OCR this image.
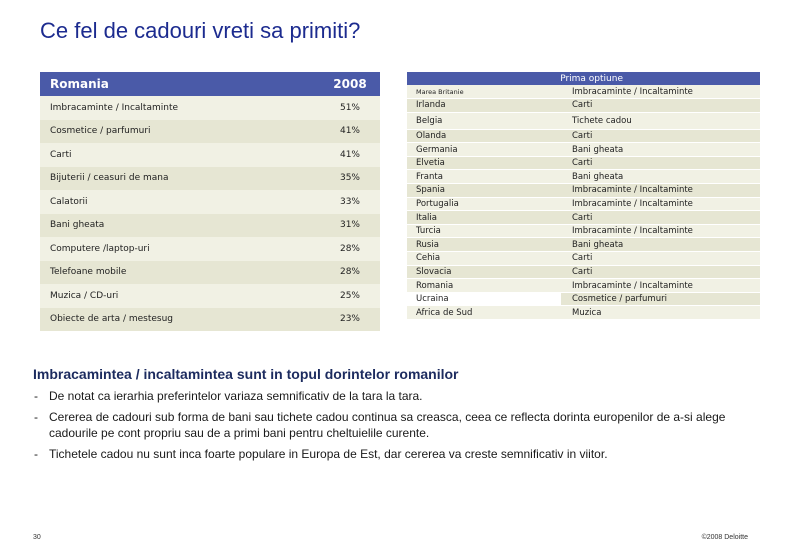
Ce fel de cadouri vreti sa primiti?
Romania	2008
Imbracaminte / Incaltaminte	51%
Cosmetice / parfumuri	41%
Carti	41%
Bijuterii / ceasuri de mana	35%
Calatorii	33%
Bani gheata	31%
Computere /laptop-uri	28%
Telefoane mobile	28%
Muzica / CD-uri	25%
Obiecte de arta / mestesug	23%
Prima optiune	
Marea Britanie	Imbracaminte / Incaltaminte
Irlanda	Carti
Belgia	Tichete cadou
Olanda	Carti
Germania	Bani gheata
Elvetia	Carti
Franta	Bani gheata
Spania	Imbracaminte / Incaltaminte
Portugalia	Imbracaminte / Incaltaminte
Italia	Carti
Turcia	Imbracaminte / Incaltaminte
Rusia	Bani gheata
Cehia	Carti
Slovacia	Carti
Romania	Imbracaminte / Incaltaminte
Ucraina	Cosmetice / parfumuri
Africa de Sud	Muzica
Imbracamintea / incaltamintea sunt in topul dorintelor romanilor
- De notat ca ierarhia preferintelor variaza semnificativ de la tara la tara.
- Cererea de cadouri sub forma de bani sau tichete cadou continua sa creasca, ceea ce reflecta dorinta europenilor de a-si alege cadourile pe cont propriu sau de a primi bani pentru cheltuielile curente.
- Tichetele cadou nu sunt inca foarte populare in Europa de Est, dar cererea va creste semnificativ in viitor.
30	©2008 Deloitte
